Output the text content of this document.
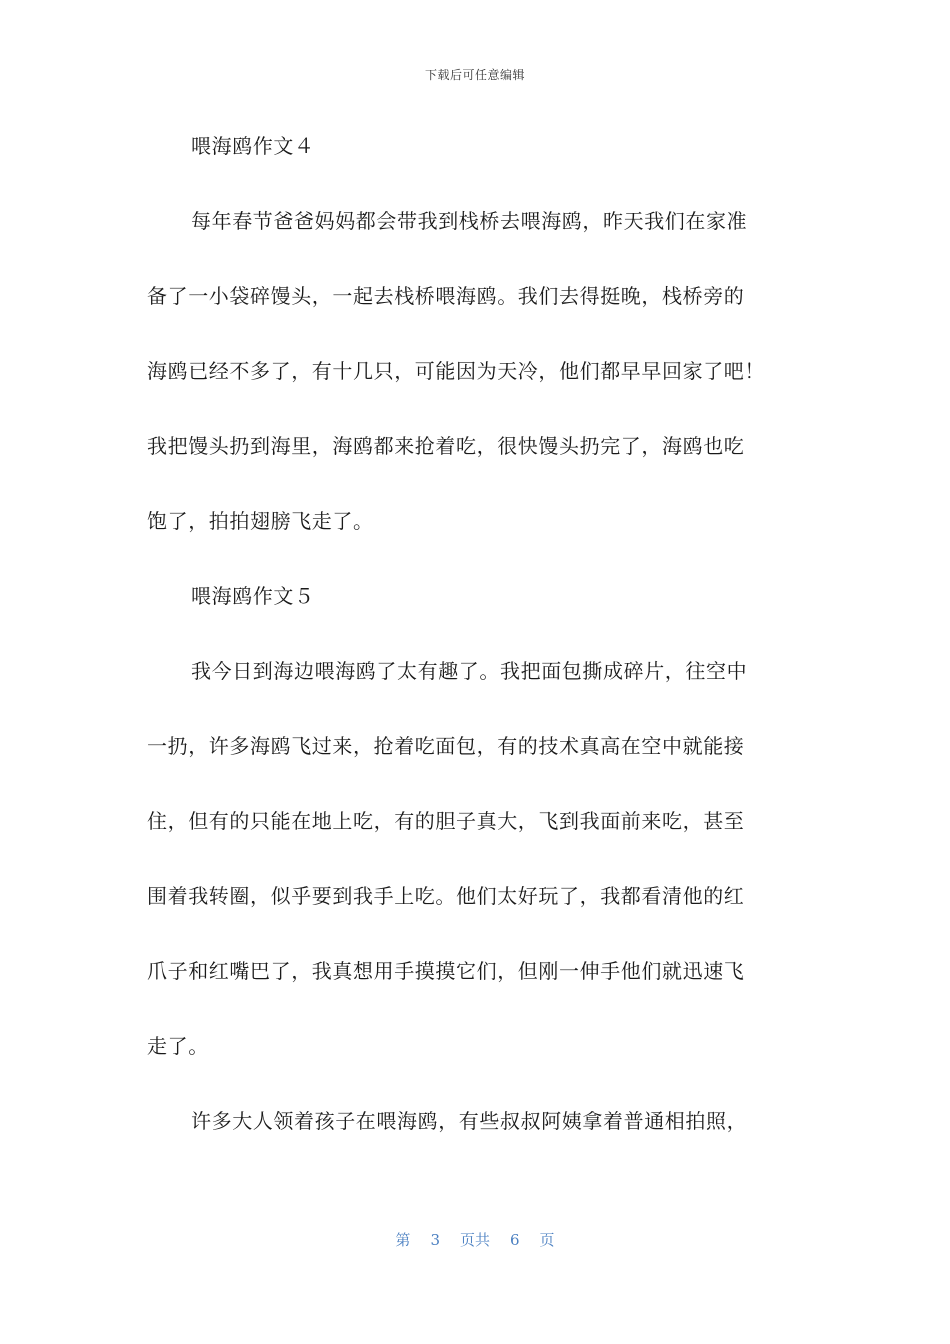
下载后可任意编辑
喂海鸥作文４
每年春节爸爸妈妈都会带我到栈桥去喂海鸥，昨天我们在家准
备了一小袋碎馒头，一起去栈桥喂海鸥。我们去得挺晚，栈桥旁的
海鸥已经不多了，有十几只，可能因为天冷，他们都早早回家了吧！
我把馒头扔到海里，海鸥都来抢着吃，很快馒头扔完了，海鸥也吃
饱了，拍拍翅膀飞走了。
喂海鸥作文５
我今日到海边喂海鸥了太有趣了。我把面包撕成碎片，往空中
一扔，许多海鸥飞过来，抢着吃面包，有的技术真高在空中就能接
住，但有的只能在地上吃，有的胆子真大，飞到我面前来吃，甚至
围着我转圈，似乎要到我手上吃。他们太好玩了，我都看清他的红
爪子和红嘴巴了，我真想用手摸摸它们，但刚一伸手他们就迅速飞
走了。
许多大人领着孩子在喂海鸥，有些叔叔阿姨拿着普通相拍照，
第 3 页共 6 页
